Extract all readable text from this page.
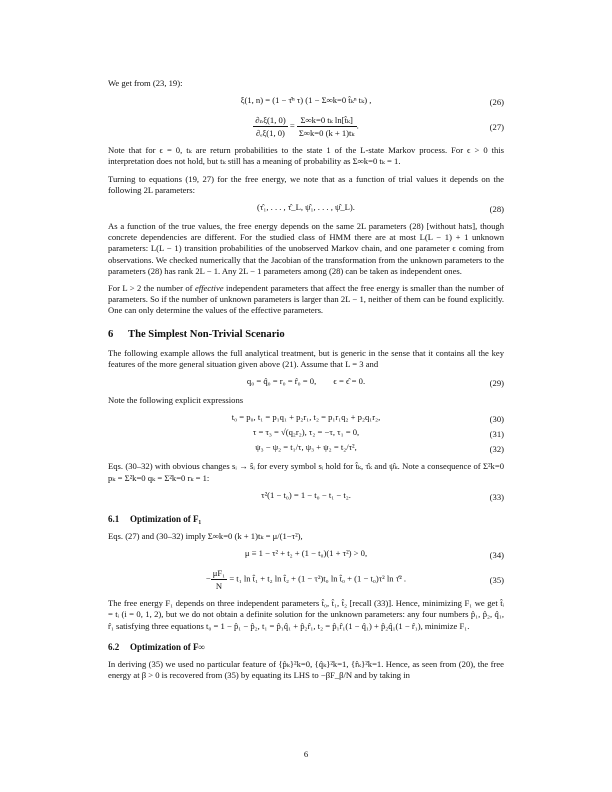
We get from (23, 19):

ξ(1, n) = (1 − τ̂ⁿ τ) (1 − Σ∞k=0 t̂ₖⁿ tₖ) ,	(26)
$\frac{\text{∂ₙξ(1, 0)}}{\text{∂ₑξ(1, 0)}} = \frac{\text{Σ∞k=0 tₖ ln[t̂ₖ]}}{\text{Σ∞k=0 (k + 1)tₖ}}$ .	(27)

Note that for ϵ = 0, tₖ are return probabilities to the state 1 of the L-state Markov process. For ϵ > 0 this interpretation does not hold, but tₖ still has a meaning of probability as Σ∞k=0 tₖ = 1.

Turning to equations (19, 27) for the free energy, we note that as a function of trial values it depends on the following 2L parameters:

(τ̂₁, . . . , τ̂_L, ψ̂₁, . . . , ψ̂_L).	(28)

As a function of the true values, the free energy depends on the same 2L parameters (28) [without hats], though concrete dependencies are different. For the studied class of HMM there are at most L(L − 1) + 1 unknown parameters: L(L − 1) transition probabilities of the unobserved Markov chain, and one parameter ϵ coming from observations. We checked numerically that the Jacobian of the transformation from the unknown parameters to the parameters (28) has rank 2L − 1. Any 2L − 1 parameters among (28) can be taken as independent ones.

For L > 2 the number of effective independent parameters that affect the free energy is smaller than the number of parameters. So if the number of unknown parameters is larger than 2L − 1, neither of them can be found explicitly. One can only determine the values of the effective parameters.

6 The Simplest Non-Trivial Scenario

The following example allows the full analytical treatment, but is generic in the sense that it contains all the key features of the more general situation given above (21). Assume that L = 3 and

q₀ = q̂₀ = r₀ = r̂₀ = 0,        ϵ = ϵ̂ = 0.	(29)

Note the following explicit expressions

t₀ = p₀, t₁ = p₁q₁ + p₂r₁, t₂ = p₁r₁q₂ + p₂q₁r₂,	(30)
τ = τ₃ = √(q₂r₂), τ₂ = −τ, τ₁ = 0,	(31)
ψ₃ − ψ₂ = t₁/τ, ψ₃ + ψ₂ = t₂/τ²,	(32)

Eqs. (30–32) with obvious changes sᵢ → ŝᵢ for every symbol sᵢ hold for t̂ₖ, τ̂ₖ and ψ̂ₖ. Note a consequence of Σ²k=0 pₖ = Σ²k=0 qₖ = Σ²k=0 rₖ = 1:

τ²(1 − t₀) = 1 − t₀ − t₁ − t₂.	(33)
6.1 Optimization of F₁

Eqs. (27) and (30–32) imply Σ∞k=0 (k + 1)tₖ = μ/(1−τ²),

μ ≡ 1 − τ² + t₂ + (1 − t₀)(1 + τ²) > 0,	(34)
− $\frac{\text{μF₁}}{N} = t_1$ ln t̂₁ + t₂ ln t̂₂ + (1 − τ²)t₀ ln t̂₀ + (1 − t₀)τ² ln τ̂² .	(35)

The free energy F₁ depends on three independent parameters t̂₀, t̂₁, t̂₂ [recall (33)]. Hence, minimizing F₁ we get t̂ᵢ = tᵢ (i = 0, 1, 2), but we do not obtain a definite solution for the unknown parameters: any four numbers p̂₁, p̂₂, q̂₁, r̂₁ satisfying three equations t₀ = 1 − p̂₁ − p̂₂, t₁ = p̂₁q̂₁ + p̂₂r̂₁, t₂ = p̂₁r̂₁(1 − q̂₁) + p̂₂q̂₁(1 − r̂₁), minimize F₁.

6.2 Optimization of F∞

In deriving (35) we used no particular feature of {p̂ₖ}²k=0, {q̂ₖ}²k=1, {r̂ₖ}²k=1. Hence, as seen from (20), the free energy at β > 0 is recovered from (35) by equating its LHS to −βF_β/N and by taking in

6
